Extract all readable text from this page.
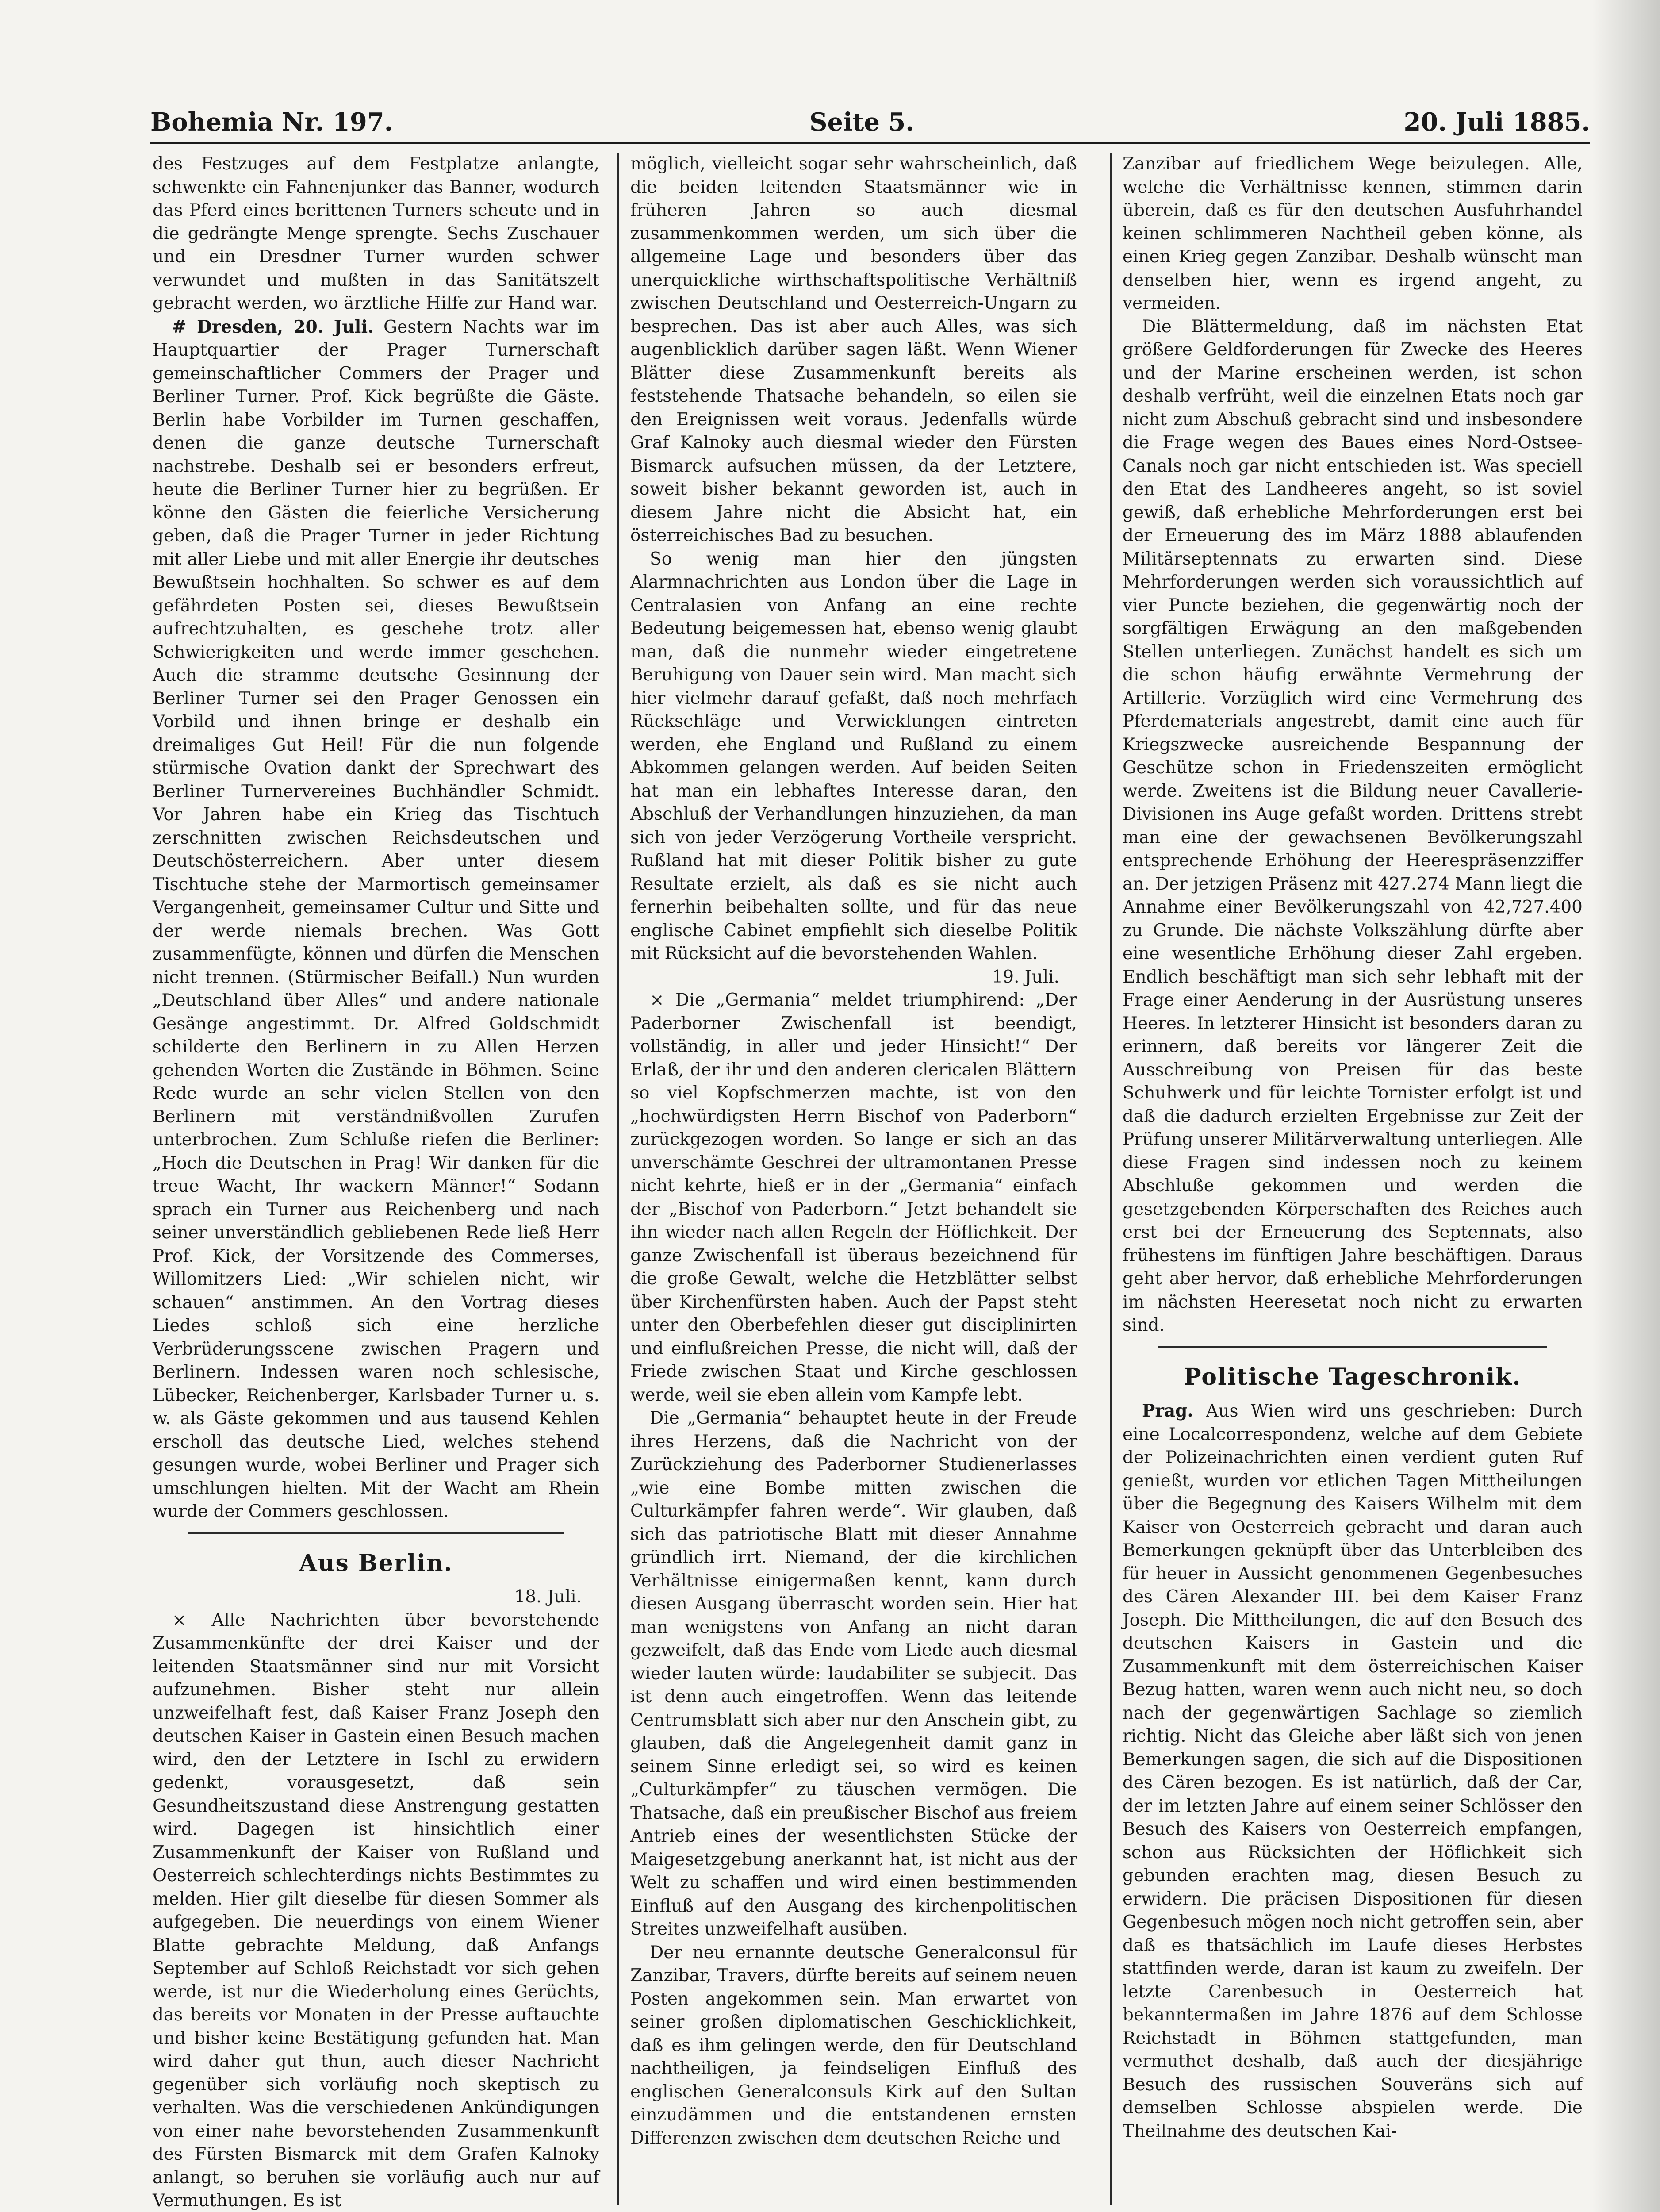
Bohemia Nr. 197.	Seite 5.	20. Juli 1885.

des Festzuges auf dem Festplatze anlangte, schwenkte ein Fahnenjunker das Banner, wodurch das Pferd eines berittenen Turners scheute und in die gedrängte Menge sprengte. Sechs Zuschauer und ein Dresdner Turner wurden schwer verwundet und mußten in das Sanitätszelt gebracht werden, wo ärztliche Hilfe zur Hand war.

# Dresden, 20. Juli. Gestern Nachts war im Hauptquartier der Prager Turnerschaft gemeinschaftlicher Commers der Prager und Berliner Turner. Prof. Kick begrüßte die Gäste. Berlin habe Vorbilder im Turnen geschaffen, denen die ganze deutsche Turnerschaft nachstrebe. Deshalb sei er besonders erfreut, heute die Berliner Turner hier zu begrüßen. Er könne den Gästen die feierliche Versicherung geben, daß die Prager Turner in jeder Richtung mit aller Liebe und mit aller Energie ihr deutsches Bewußtsein hochhalten. So schwer es auf dem gefährdeten Posten sei, dieses Bewußtsein aufrechtzuhalten, es geschehe trotz aller Schwierigkeiten und werde immer geschehen. Auch die stramme deutsche Gesinnung der Berliner Turner sei den Prager Genossen ein Vorbild und ihnen bringe er deshalb ein dreimaliges Gut Heil! Für die nun folgende stürmische Ovation dankt der Sprechwart des Berliner Turnervereines Buchhändler Schmidt. Vor Jahren habe ein Krieg das Tischtuch zerschnitten zwischen Reichsdeutschen und Deutschösterreichern. Aber unter diesem Tischtuche stehe der Marmortisch gemeinsamer Vergangenheit, gemeinsamer Cultur und Sitte und der werde niemals brechen. Was Gott zusammenfügte, können und dürfen die Menschen nicht trennen. (Stürmischer Beifall.) Nun wurden „Deutschland über Alles“ und andere nationale Gesänge angestimmt. Dr. Alfred Goldschmidt schilderte den Berlinern in zu Allen Herzen gehenden Worten die Zustände in Böhmen. Seine Rede wurde an sehr vielen Stellen von den Berlinern mit verständnißvollen Zurufen unterbrochen. Zum Schluße riefen die Berliner: „Hoch die Deutschen in Prag! Wir danken für die treue Wacht, Ihr wackern Männer!“ Sodann sprach ein Turner aus Reichenberg und nach seiner unverständlich gebliebenen Rede ließ Herr Prof. Kick, der Vorsitzende des Commerses, Willomitzers Lied: „Wir schielen nicht, wir schauen“ anstimmen. An den Vortrag dieses Liedes schloß sich eine herzliche Verbrüderungsscene zwischen Pragern und Berlinern. Indessen waren noch schlesische, Lübecker, Reichenberger, Karlsbader Turner u. s. w. als Gäste gekommen und aus tausend Kehlen erscholl das deutsche Lied, welches stehend gesungen wurde, wobei Berliner und Prager sich umschlungen hielten. Mit der Wacht am Rhein wurde der Commers geschlossen.

Aus Berlin.

18. Juli.

× Alle Nachrichten über bevorstehende Zusammenkünfte der drei Kaiser und der leitenden Staatsmänner sind nur mit Vorsicht aufzunehmen. Bisher steht nur allein unzweifelhaft fest, daß Kaiser Franz Joseph den deutschen Kaiser in Gastein einen Besuch machen wird, den der Letztere in Ischl zu erwidern gedenkt, vorausgesetzt, daß sein Gesundheitszustand diese Anstrengung gestatten wird. Dagegen ist hinsichtlich einer Zusammenkunft der Kaiser von Rußland und Oesterreich schlechterdings nichts Bestimmtes zu melden. Hier gilt dieselbe für diesen Sommer als aufgegeben. Die neuerdings von einem Wiener Blatte gebrachte Meldung, daß Anfangs September auf Schloß Reichstadt vor sich gehen werde, ist nur die Wiederholung eines Gerüchts, das bereits vor Monaten in der Presse auftauchte und bisher keine Bestätigung gefunden hat. Man wird daher gut thun, auch dieser Nachricht gegenüber sich vorläufig noch skeptisch zu verhalten. Was die verschiedenen Ankündigungen von einer nahe bevorstehenden Zusammenkunft des Fürsten Bismarck mit dem Grafen Kalnoky anlangt, so beruhen sie vorläufig auch nur auf Vermuthungen. Es ist

möglich, vielleicht sogar sehr wahrscheinlich, daß die beiden leitenden Staatsmänner wie in früheren Jahren so auch diesmal zusammenkommen werden, um sich über die allgemeine Lage und besonders über das unerquickliche wirthschaftspolitische Verhältniß zwischen Deutschland und Oesterreich-Ungarn zu besprechen. Das ist aber auch Alles, was sich augenblicklich darüber sagen läßt. Wenn Wiener Blätter diese Zusammenkunft bereits als feststehende Thatsache behandeln, so eilen sie den Ereignissen weit voraus. Jedenfalls würde Graf Kalnoky auch diesmal wieder den Fürsten Bismarck aufsuchen müssen, da der Letztere, soweit bisher bekannt geworden ist, auch in diesem Jahre nicht die Absicht hat, ein österreichisches Bad zu besuchen.

So wenig man hier den jüngsten Alarmnachrichten aus London über die Lage in Centralasien von Anfang an eine rechte Bedeutung beigemessen hat, ebenso wenig glaubt man, daß die nunmehr wieder eingetretene Beruhigung von Dauer sein wird. Man macht sich hier vielmehr darauf gefaßt, daß noch mehrfach Rückschläge und Verwicklungen eintreten werden, ehe England und Rußland zu einem Abkommen gelangen werden. Auf beiden Seiten hat man ein lebhaftes Interesse daran, den Abschluß der Verhandlungen hinzuziehen, da man sich von jeder Verzögerung Vortheile verspricht. Rußland hat mit dieser Politik bisher zu gute Resultate erzielt, als daß es sie nicht auch fernerhin beibehalten sollte, und für das neue englische Cabinet empfiehlt sich dieselbe Politik mit Rücksicht auf die bevorstehenden Wahlen.

19. Juli.

× Die „Germania“ meldet triumphirend: „Der Paderborner Zwischenfall ist beendigt, vollständig, in aller und jeder Hinsicht!“ Der Erlaß, der ihr und den anderen clericalen Blättern so viel Kopfschmerzen machte, ist von den „hochwürdigsten Herrn Bischof von Paderborn“ zurückgezogen worden. So lange er sich an das unverschämte Geschrei der ultramontanen Presse nicht kehrte, hieß er in der „Germania“ einfach der „Bischof von Paderborn.“ Jetzt behandelt sie ihn wieder nach allen Regeln der Höflichkeit. Der ganze Zwischenfall ist überaus bezeichnend für die große Gewalt, welche die Hetzblätter selbst über Kirchenfürsten haben. Auch der Papst steht unter den Oberbefehlen dieser gut disciplinirten und einflußreichen Presse, die nicht will, daß der Friede zwischen Staat und Kirche geschlossen werde, weil sie eben allein vom Kampfe lebt.

Die „Germania“ behauptet heute in der Freude ihres Herzens, daß die Nachricht von der Zurückziehung des Paderborner Studienerlasses „wie eine Bombe mitten zwischen die Culturkämpfer fahren werde“. Wir glauben, daß sich das patriotische Blatt mit dieser Annahme gründlich irrt. Niemand, der die kirchlichen Verhältnisse einigermaßen kennt, kann durch diesen Ausgang überrascht worden sein. Hier hat man wenigstens von Anfang an nicht daran gezweifelt, daß das Ende vom Liede auch diesmal wieder lauten würde: laudabiliter se subjecit. Das ist denn auch eingetroffen. Wenn das leitende Centrumsblatt sich aber nur den Anschein gibt, zu glauben, daß die Angelegenheit damit ganz in seinem Sinne erledigt sei, so wird es keinen „Culturkämpfer“ zu täuschen vermögen. Die Thatsache, daß ein preußischer Bischof aus freiem Antrieb eines der wesentlichsten Stücke der Maigesetzgebung anerkannt hat, ist nicht aus der Welt zu schaffen und wird einen bestimmenden Einfluß auf den Ausgang des kirchenpolitischen Streites unzweifelhaft ausüben.

Der neu ernannte deutsche Generalconsul für Zanzibar, Travers, dürfte bereits auf seinem neuen Posten angekommen sein. Man erwartet von seiner großen diplomatischen Geschicklichkeit, daß es ihm gelingen werde, den für Deutschland nachtheiligen, ja feindseligen Einfluß des englischen Generalconsuls Kirk auf den Sultan einzudämmen und die entstandenen ernsten Differenzen zwischen dem deutschen Reiche und

Zanzibar auf friedlichem Wege beizulegen. Alle, welche die Verhältnisse kennen, stimmen darin überein, daß es für den deutschen Ausfuhrhandel keinen schlimmeren Nachtheil geben könne, als einen Krieg gegen Zanzibar. Deshalb wünscht man denselben hier, wenn es irgend angeht, zu vermeiden.

Die Blättermeldung, daß im nächsten Etat größere Geldforderungen für Zwecke des Heeres und der Marine erscheinen werden, ist schon deshalb verfrüht, weil die einzelnen Etats noch gar nicht zum Abschuß gebracht sind und insbesondere die Frage wegen des Baues eines Nord-Ostsee-Canals noch gar nicht entschieden ist. Was speciell den Etat des Landheeres angeht, so ist soviel gewiß, daß erhebliche Mehrforderungen erst bei der Erneuerung des im März 1888 ablaufenden Militärseptennats zu erwarten sind. Diese Mehrforderungen werden sich voraussichtlich auf vier Puncte beziehen, die gegenwärtig noch der sorgfältigen Erwägung an den maßgebenden Stellen unterliegen. Zunächst handelt es sich um die schon häufig erwähnte Vermehrung der Artillerie. Vorzüglich wird eine Vermehrung des Pferdematerials angestrebt, damit eine auch für Kriegszwecke ausreichende Bespannung der Geschütze schon in Friedenszeiten ermöglicht werde. Zweitens ist die Bildung neuer Cavallerie-Divisionen ins Auge gefaßt worden. Drittens strebt man eine der gewachsenen Bevölkerungszahl entsprechende Erhöhung der Heerespräsenzziffer an. Der jetzigen Präsenz mit 427.274 Mann liegt die Annahme einer Bevölkerungszahl von 42,727.400 zu Grunde. Die nächste Volkszählung dürfte aber eine wesentliche Erhöhung dieser Zahl ergeben. Endlich beschäftigt man sich sehr lebhaft mit der Frage einer Aenderung in der Ausrüstung unseres Heeres. In letzterer Hinsicht ist besonders daran zu erinnern, daß bereits vor längerer Zeit die Ausschreibung von Preisen für das beste Schuhwerk und für leichte Tornister erfolgt ist und daß die dadurch erzielten Ergebnisse zur Zeit der Prüfung unserer Militärverwaltung unterliegen. Alle diese Fragen sind indessen noch zu keinem Abschluße gekommen und werden die gesetzgebenden Körperschaften des Reiches auch erst bei der Erneuerung des Septennats, also frühestens im fünftigen Jahre beschäftigen. Daraus geht aber hervor, daß erhebliche Mehrforderungen im nächsten Heeresetat noch nicht zu erwarten sind.

Politische Tageschronik.

Prag. Aus Wien wird uns geschrieben: Durch eine Localcorrespondenz, welche auf dem Gebiete der Polizeinachrichten einen verdient guten Ruf genießt, wurden vor etlichen Tagen Mittheilungen über die Begegnung des Kaisers Wilhelm mit dem Kaiser von Oesterreich gebracht und daran auch Bemerkungen geknüpft über das Unterbleiben des für heuer in Aussicht genommenen Gegenbesuches des Cären Alexander III. bei dem Kaiser Franz Joseph. Die Mittheilungen, die auf den Besuch des deutschen Kaisers in Gastein und die Zusammenkunft mit dem österreichischen Kaiser Bezug hatten, waren wenn auch nicht neu, so doch nach der gegenwärtigen Sachlage so ziemlich richtig. Nicht das Gleiche aber läßt sich von jenen Bemerkungen sagen, die sich auf die Dispositionen des Cären bezogen. Es ist natürlich, daß der Car, der im letzten Jahre auf einem seiner Schlösser den Besuch des Kaisers von Oesterreich empfangen, schon aus Rücksichten der Höflichkeit sich gebunden erachten mag, diesen Besuch zu erwidern. Die präcisen Dispositionen für diesen Gegenbesuch mögen noch nicht getroffen sein, aber daß es thatsächlich im Laufe dieses Herbstes stattfinden werde, daran ist kaum zu zweifeln. Der letzte Carenbesuch in Oesterreich hat bekanntermaßen im Jahre 1876 auf dem Schlosse Reichstadt in Böhmen stattgefunden, man vermuthet deshalb, daß auch der diesjährige Besuch des russischen Souveräns sich auf demselben Schlosse abspielen werde. Die Theilnahme des deutschen Kai-
